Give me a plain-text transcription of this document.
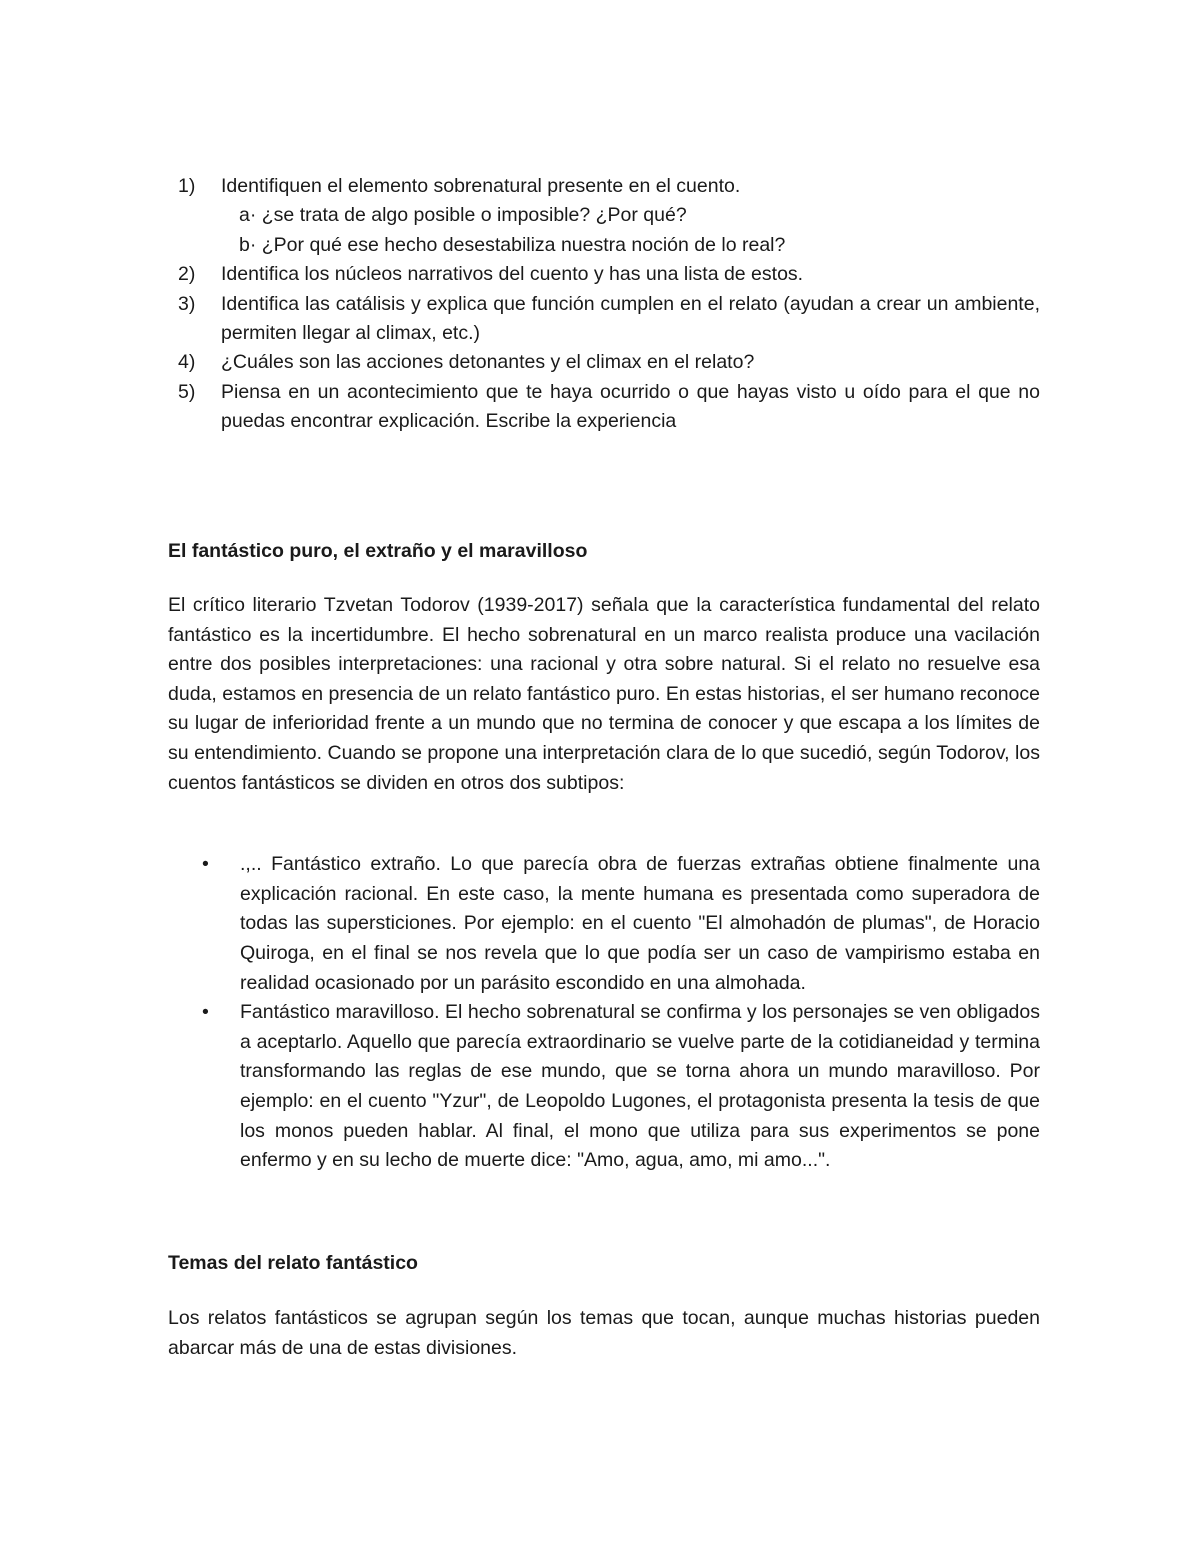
1)	Identifiquen el elemento sobrenatural presente en el cuento.
a· ¿se trata de algo posible o imposible? ¿Por qué?
b· ¿Por qué ese hecho desestabiliza nuestra noción de lo real?
2)	Identifica los núcleos narrativos del cuento y has una lista de estos.
3)	Identifica las catálisis y explica que función cumplen en el relato (ayudan a crear un ambiente, permiten llegar al climax, etc.)
4)	¿Cuáles son las acciones detonantes y el climax en el relato?
5)	Piensa en un acontecimiento que te haya ocurrido o que hayas visto u oído para el que no puedas encontrar explicación. Escribe la experiencia
El fantástico puro, el extraño y el maravilloso

El crítico literario Tzvetan Todorov (1939-2017) señala que la característica fundamental del relato fantástico es la incertidumbre. El hecho sobrenatural en un marco realista produce una vacilación entre dos posibles interpretaciones: una racional y otra sobre natural. Si el relato no resuelve esa duda, estamos en presencia de un relato fantástico puro. En estas historias, el ser humano reconoce su lugar de inferioridad frente a un mundo que no termina de conocer y que escapa a los límites de su entendimiento. Cuando se propone una interpretación clara de lo que sucedió, según Todorov, los cuentos fantásticos se dividen en otros dos subtipos:

• .,.. Fantástico extraño. Lo que parecía obra de fuerzas extrañas obtiene finalmente una explicación racional. En este caso, la mente humana es presentada como superadora de todas las supersticiones. Por ejemplo: en el cuento "El almohadón de plumas", de Horacio Quiroga, en el final se nos revela que lo que podía ser un caso de vampirismo estaba en realidad ocasionado por un parásito escondido en una almohada.
• Fantástico maravilloso. El hecho sobrenatural se confirma y los personajes se ven obligados a aceptarlo. Aquello que parecía extraordinario se vuelve parte de la cotidianeidad y termina transformando las reglas de ese mundo, que se torna ahora un mundo maravilloso. Por ejemplo: en el cuento "Yzur", de Leopoldo Lugones, el protagonista presenta la tesis de que los monos pueden hablar. Al final, el mono que utiliza para sus experimentos se pone enfermo y en su lecho de muerte dice: "Amo, agua, amo, mi amo...".
Temas del relato fantástico

Los relatos fantásticos se agrupan según los temas que tocan, aunque muchas historias pueden abarcar más de una de estas divisiones.
